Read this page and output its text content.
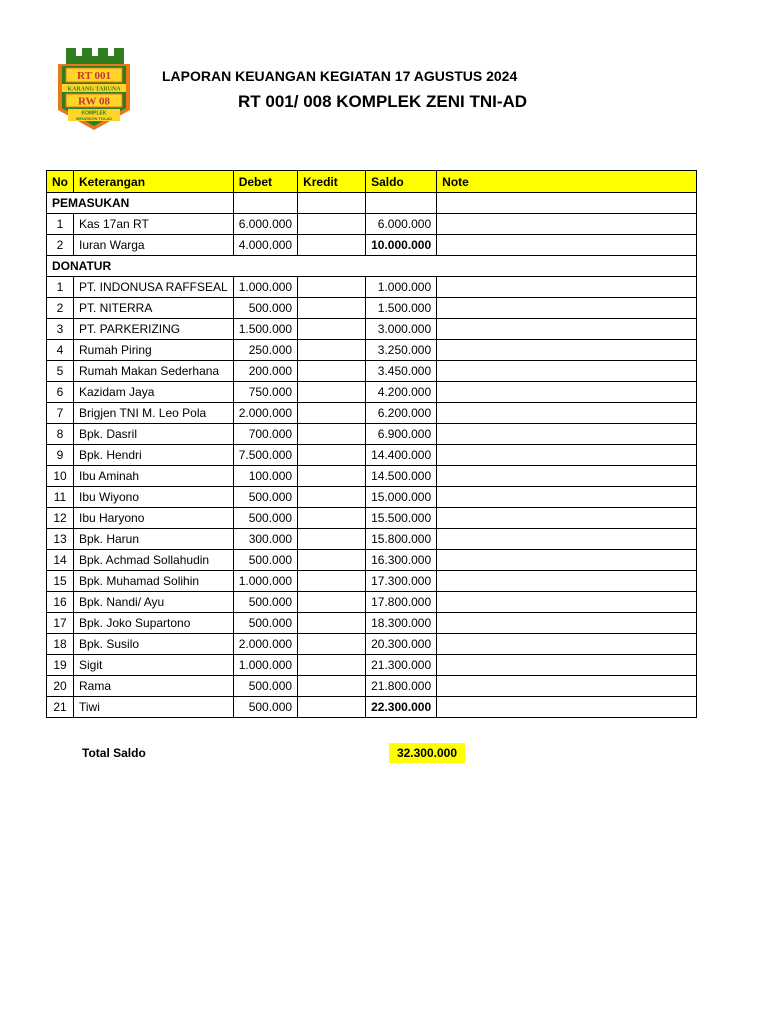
RT 001
KARANG TARUNA
RW 08
KOMPLEK
MENZIKON TNI-AD
LAPORAN KEUANGAN KEGIATAN 17 AGUSTUS 2024
RT 001/ 008 KOMPLEK ZENI TNI-AD
No	Keterangan	Debet	Kredit	Saldo	Note
PEMASUKAN					
1	Kas 17an RT	6.000.000		6.000.000	
2	Iuran Warga	4.000.000		10.000.000	
DONATUR					
1	PT. INDONUSA RAFFSEAL	1.000.000		1.000.000	
2	PT. NITERRA	500.000		1.500.000	
3	PT. PARKERIZING	1.500.000		3.000.000	
4	Rumah Piring	250.000		3.250.000	
5	Rumah Makan Sederhana	200.000		3.450.000	
6	Kazidam Jaya	750.000		4.200.000	
7	Brigjen TNI M. Leo Pola	2.000.000		6.200.000	
8	Bpk. Dasril	700.000		6.900.000	
9	Bpk. Hendri	7.500.000		14.400.000	
10	Ibu Aminah	100.000		14.500.000	
11	Ibu Wiyono	500.000		15.000.000	
12	Ibu Haryono	500.000		15.500.000	
13	Bpk. Harun	300.000		15.800.000	
14	Bpk. Achmad Sollahudin	500.000		16.300.000	
15	Bpk. Muhamad Solihin	1.000.000		17.300.000	
16	Bpk. Nandi/ Ayu	500.000		17.800.000	
17	Bpk. Joko Supartono	500.000		18.300.000	
18	Bpk. Susilo	2.000.000		20.300.000	
19	Sigit	1.000.000		21.300.000	
20	Rama	500.000		21.800.000	
21	Tiwi	500.000		22.300.000	
Total Saldo	32.300.000
